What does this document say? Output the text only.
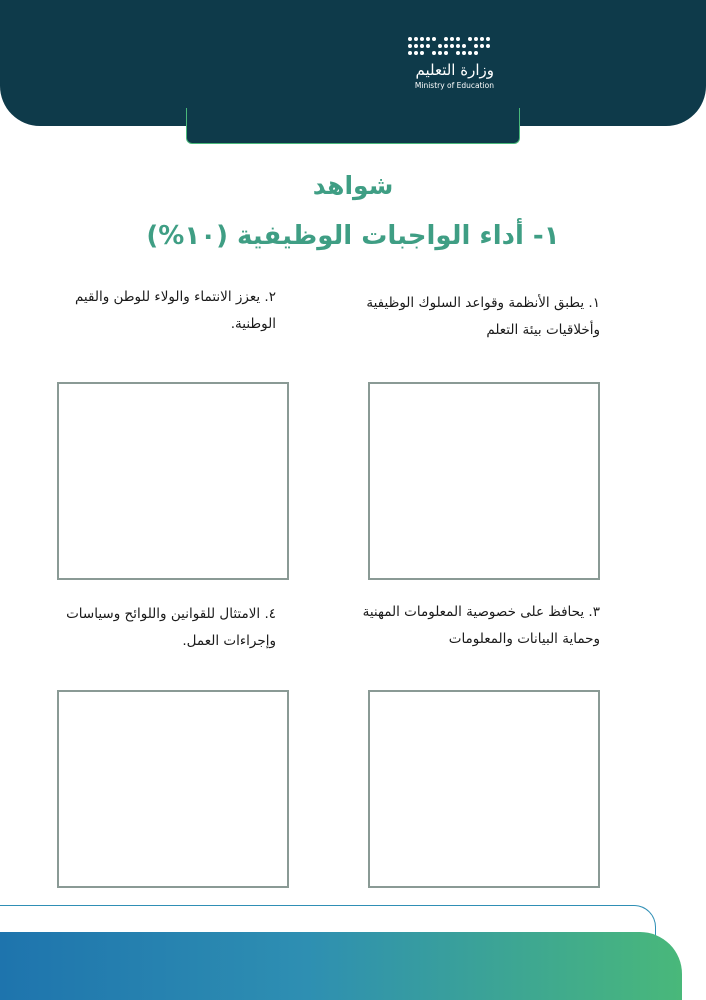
وزارة التعليم
Ministry of Education
شواهد
١- أداء الواجبات الوظيفية (١٠%)
١. يطبق الأنظمة وقواعد السلوك الوظيفية وأخلاقيات بيئة التعلم
٢. يعزز الانتماء والولاء للوطن والقيم الوطنية.
٣. يحافظ على خصوصية المعلومات المهنية وحماية البيانات والمعلومات
٤. الامتثال للقوانين واللوائح وسياسات وإجراءات العمل.
